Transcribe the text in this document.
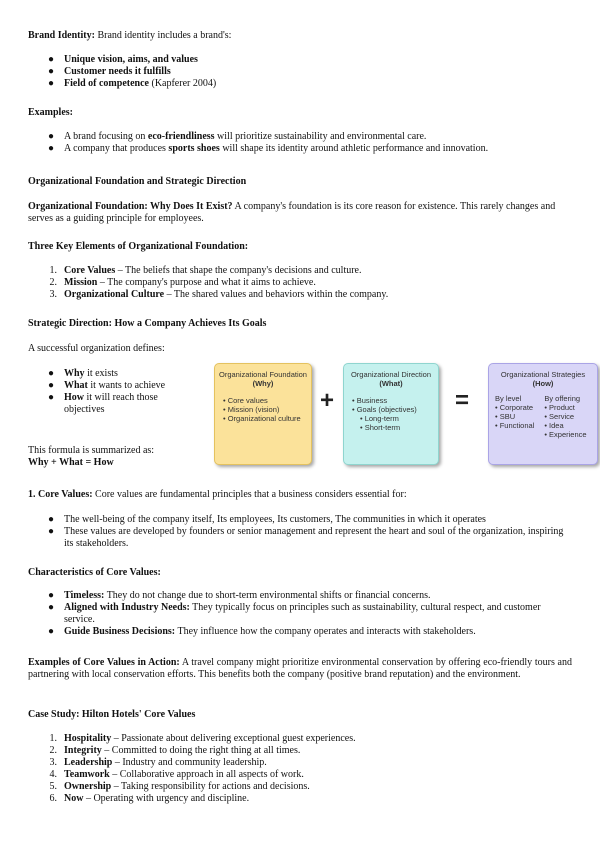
Brand Identity: Brand identity includes a brand's:

● Unique vision, aims, and values
● Customer needs it fulfills
● Field of competence (Kapferer 2004)

Examples:

● A brand focusing on eco-friendliness will prioritize sustainability and environmental care.
● A company that produces sports shoes will shape its identity around athletic performance and innovation.

Organizational Foundation and Strategic Direction

Organizational Foundation: Why Does It Exist? A company's foundation is its core reason for existence. This rarely changes and serves as a guiding principle for employees.

Three Key Elements of Organizational Foundation:

1. Core Values – The beliefs that shape the company's decisions and culture.
2. Mission – The company's purpose and what it aims to achieve.
3. Organizational Culture – The shared values and behaviors within the company.

Strategic Direction: How a Company Achieves Its Goals

A successful organization defines:

● Why it exists
● What it wants to achieve
● How it will reach those objectives

This formula is summarized as:

Why + What = How

Organizational Foundation
(Why)
• Core values
• Mission (vision)
• Organizational culture
+
Organizational Direction
(What)
• Business
• Goals (objectives)
• Long-term
• Short-term
=
Organizational Strategies
(How)
By level
• Corporate
• SBU
• Functional
By offering
• Product
• Service
• Idea
• Experience

1. Core Values: Core values are fundamental principles that a business considers essential for:

● The well-being of the company itself, Its employees, Its customers, The communities in which it operates
● These values are developed by founders or senior management and represent the heart and soul of the organization, inspiring its stakeholders.

Characteristics of Core Values:

● Timeless: They do not change due to short-term environmental shifts or financial concerns.
● Aligned with Industry Needs: They typically focus on principles such as sustainability, cultural respect, and customer service.
● Guide Business Decisions: They influence how the company operates and interacts with stakeholders.

Examples of Core Values in Action: A travel company might prioritize environmental conservation by offering eco-friendly tours and partnering with local conservation efforts. This benefits both the company (positive brand reputation) and the environment.

Case Study: Hilton Hotels' Core Values

1. Hospitality – Passionate about delivering exceptional guest experiences.
2. Integrity – Committed to doing the right thing at all times.
3. Leadership – Industry and community leadership.
4. Teamwork – Collaborative approach in all aspects of work.
5. Ownership – Taking responsibility for actions and decisions.
6. Now – Operating with urgency and discipline.
